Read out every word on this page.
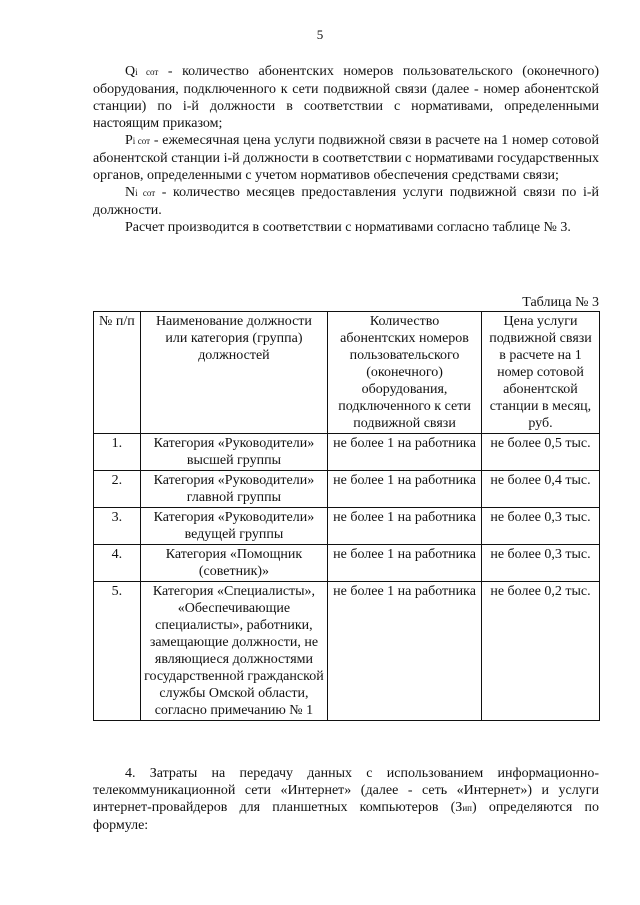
5

Qi сот - количество абонентских номеров пользовательского (оконечного) оборудования, подключенного к сети подвижной связи (далее - номер абонентской станции) по i-й должности в соответствии с нормативами, определенными настоящим приказом;

Pi сот - ежемесячная цена услуги подвижной связи в расчете на 1 номер сотовой абонентской станции i-й должности в соответствии с нормативами государственных органов, определенными с учетом нормативов обеспечения средствами связи;

Ni сот - количество месяцев предоставления услуги подвижной связи по i-й должности.

Расчет производится в соответствии с нормативами согласно таблице № 3.

Таблица № 3
№ п/п	Наименование должности или категория (группа) должностей	Количество абонентских номеров пользовательского (оконечного) оборудования, подключенного к сети подвижной связи	Цена услуги подвижной связи в расчете на 1 номер сотовой абонентской станции в месяц, руб.
1.	Категория «Руководители» высшей группы	не более 1 на работника	не более 0,5 тыс.
2.	Категория «Руководители» главной группы	не более 1 на работника	не более 0,4 тыс.
3.	Категория «Руководители» ведущей группы	не более 1 на работника	не более 0,3 тыс.
4.	Категория «Помощник (советник)»	не более 1 на работника	не более 0,3 тыс.
5.	Категория «Специалисты», «Обеспечивающие специалисты», работники, замещающие должности, не являющиеся должностями государственной гражданской службы Омской области, согласно примечанию № 1	не более 1 на работника	не более 0,2 тыс.

4. Затраты на передачу данных с использованием информационно-телекоммуникационной сети «Интернет» (далее - сеть «Интернет») и услуги интернет-провайдеров для планшетных компьютеров (Зип) определяются по формуле:
